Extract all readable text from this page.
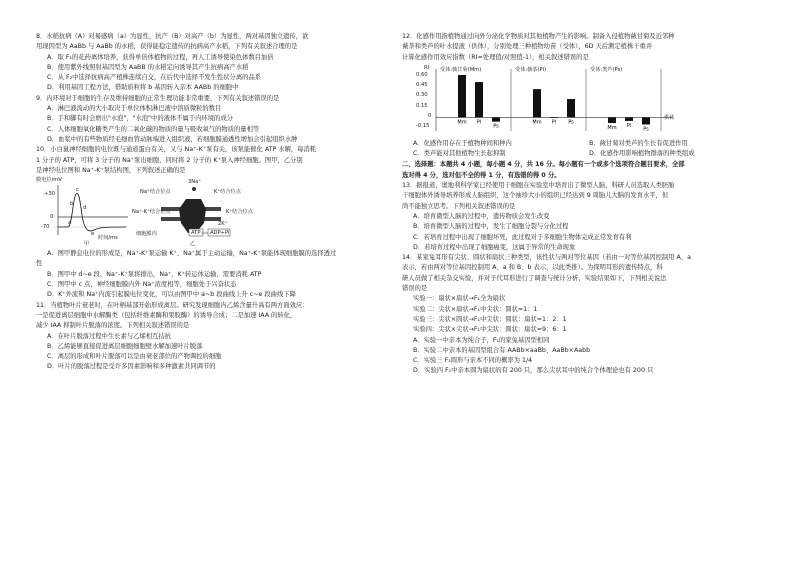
8．水稻抗病（A）对易感病（a）为显性，抗产（B）对高产（b）为显性，两对基因独立遗传，欲

用现因型为 AaBb 与 AaBb 的水稻，获得能稳定遗传的抗病高产水稻，下列有关叙述合理的是

A．取 F₁的花药离体培养，获得单倍体植物的过程，再人工诱导使染色体数目加倍

B．使用紫外线照射基因型为 AaBB 的水稻定向诱导其产生抗病高产水稻

C．从 F₂中选择抗病高产植株连续自交，在后代中选择不发生性状分离的品系

D．利用基因工程方法，借助质粒将 b 基因转入亲本 AABb 的细胞中

9．内环境对于细胞的生存及维持细胞的正常生理功能非常重要，下列有关叙述错误的是

A．淋巴液流动的大小取决于单位体积淋巴液中溶质微粒的数目

B．手和脚有时会磨出"水泡"，"水泡"中的液体不属于内环境的成分

C．人体细胞氧化糖类产生的二氧化碳的物质的量与吸收氧气的物质的量相等

D．血浆中的有些物质经毛细血管动脉端进入组织液，若细胞膜通透性增加会引起组织水肿

10．小白鼠神经细胞的电位既与通道蛋白有关，又与 Na⁺-K⁺泵有关，该泵能催化 ATP 水解，每消耗

1 分子的 ATP，可将 3 分子的 Na⁺泵出细胞，同时将 2 分子的 K⁺泵入神经细胞。图甲，乙分别

是神经电位图和 Na⁺-K⁺泵结构图，下列叙述正确的是

膜电位/mV
+30
0
-70
a
b
c
d
e
时间/ms
甲
3Na⁺
Na⁺结合位点	K⁺结合位点
Na⁺-K⁺结合位点	K⁺结合位点
2K⁺
细胞膜内	ATP ADP+Pi
乙

A．图甲静息电位的形成是，Na⁺-K⁺泵运输 K⁺、Na⁺属于主动运输，Na⁺-K⁺泵能体现细胞膜的选择透过

性

B．图甲中 d~e 段，Na⁺-K⁺泵将排出，Na⁺、K⁺转运体运输，需要消耗 ATP

C．图甲中 c 点，神经细胞膜内外 Na⁺浓度相等，细胞处于兴奋状态

D．K⁺外流和 Na⁺内流引起膜电位变化，可以由图甲中 a~b 段曲线上升 c~e 段曲线下降

11．当植物叶片衰老时，在叶柄基部开始形成离层。研究发现细胞内乙烯含量升高有两方面效应：

一是促进离层细胞中水解酶类（包括纤维素酶和果胶酶）的诱导合成；二是加速 IAA 的转化，

减少 IAA 抑制叶片脱落的浓度。下列相关叙述错误的是

A．在叶片脱落过程中生长素与乙烯相互拮抗

B．乙烯能够直接促进离层细胞细胞壁水解加速叶片脱落

C．离层的形成和叶片脱落可以是由衰老部位的产物调控的细胞

D．叶片的脱落过程是受许多因素影响和多种激素共同调节的

12．化感作用指植物通过向外分泌化学物质对其他植物产生的影响。制备入侵植物薇甘菊及近邻种

薇茶和类芦的叶水提液（供体），分别处理三种植物幼苗（受体），6D 天后测定植株干重并

计算化感作用效应指数（RI=处理值/对照值-1），相关叙述错误的是

Mm Pl
Ps
Mm Pl Ps
Mm Pl
Ps
RI
0.60
0.45
0.30
0.15
0
-0.15
受体:薇甘菊(Mm)	受体:薇茶(Pl)	受体:类芦(Ps)
供体

A．化感作用存在于植物种间和种内	B．薇甘菊对类芦的生长有促进作用

C．类芦能对其他植物生长起抑制	D．化感作用影响植物群落的种类组成

二、选择题：本题共 4 小题，每小题 4 分，共 16 分。每小题有一个或多个选项符合题目要求，全部

选对得 4 分，选对但不全的得 1 分，有选错的得 0 分。

13．据报道，奥地利科学家已经使用干细胞在实验室中培育出了微型人脑，科研人员选取人类胚胎

干细胞体外诱导培养形成人脑组织，这个袖珍大小的组织已经达到 9 周胎儿大脑的发育水平，但

尚不能独立思考。下列相关叙述错误的是

A．培育微型人脑的过程中，遗传物质会发生改变

B．培育微型人脑的过程中，发生了细胞分裂与分化过程

C．若培育过程中出现了细胞坏死，此过程对于多细胞生物体完成正常发育有利

D．若培育过程中出现了细胞癌变，这属于异常的生命现象

14．某家兔耳形有尖状、圆状和扇状三种类型，该性状与两对等位基因（若由一对等位基因控制用 A、a

表示，若由两对等位基因控制用 A、a 和 B、b 表示，以此类推）。为探明耳形的遗传特点，科

研人员做了相关杂交实验，并对子代耳形进行了调查与统计分析，实验结果如下，下列相关说法

错误的是

实验一：扇状×扇状→F₁全为扇状

实验二：尖状×扇状→F₁中尖状：圆状=1：1

实验三：尖状×圆状→F₁中尖状：圆状：扇状=1：2：1

实验四：尖状×尖状→F₁中尖状：圆状：扇状=9：6：1

A．实验一中亲本为纯合子，F₁的家兔基因型相同

B．实验二中亲本的基因型组合有 AABb×aaBb、AaBb×Aabb

C．实验三 F₁圆形与亲本不同的概率为 1/4

D．实验四 F₁中亲本圆为扇状的有 200 只，那么尖状耳中的纯合个体理论也有 200 只
